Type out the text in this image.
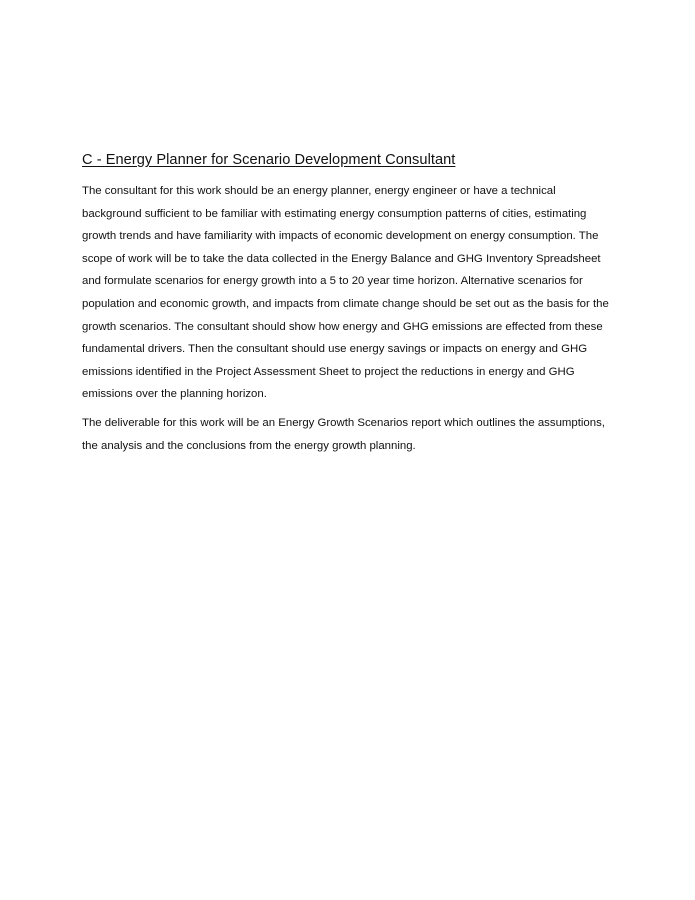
C - Energy Planner for Scenario Development Consultant

The consultant for this work should be an energy planner, energy engineer or have a technical
background sufficient to be familiar with estimating energy consumption patterns of cities, estimating
growth trends and have familiarity with impacts of economic development on energy consumption. The
scope of work will be to take the data collected in the Energy Balance and GHG Inventory Spreadsheet
and formulate scenarios for energy growth into a 5 to 20 year time horizon. Alternative scenarios for
population and economic growth, and impacts from climate change should be set out as the basis for the
growth scenarios. The consultant should show how energy and GHG emissions are effected from these
fundamental drivers. Then the consultant should use energy savings or impacts on energy and GHG
emissions identified in the Project Assessment Sheet to project the reductions in energy and GHG
emissions over the planning horizon.

The deliverable for this work will be an Energy Growth Scenarios report which outlines the assumptions,
the analysis and the conclusions from the energy growth planning.
